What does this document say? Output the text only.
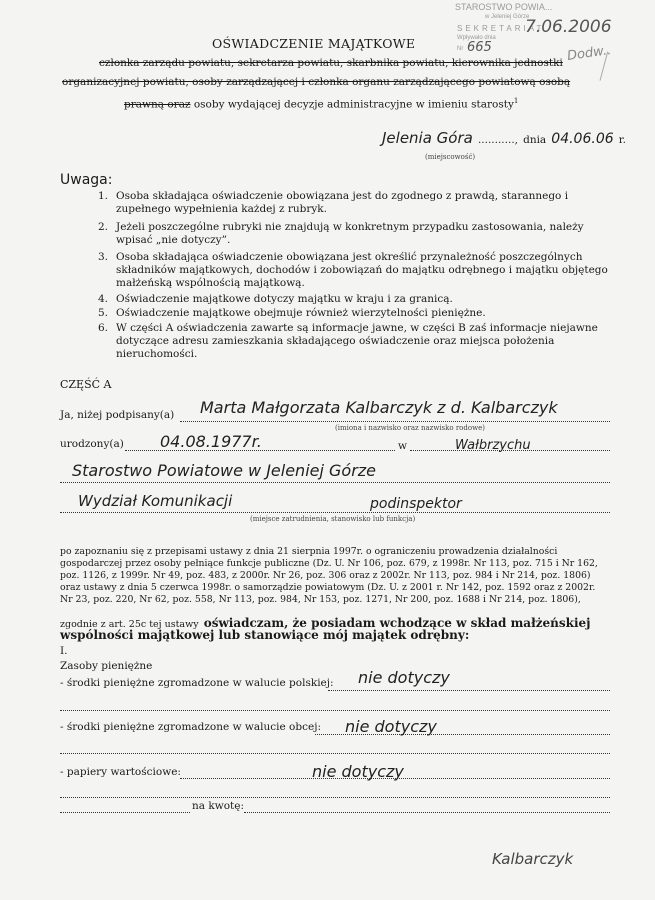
STAROSTWO POWIA...
w Jeleniej Górze
SEKRETARIAT
7.06.2006
Wpływało dnia
Nr 665	Dodw..
OŚWIADCZENIE MAJĄTKOWE
członka zarządu powiatu, sekretarza powiatu, skarbnika powiatu, kierownika jednostki
organizacyjnej powiatu, osoby zarządzającej i członka organu zarządzającego powiatową osobą
prawną oraz osoby wydającej decyzje administracyjne w imieniu starosty$^1$
Jelenia Góra ..........., dnia 04.06.06 r.
(miejscowość)
Uwaga:
1. Osoba składająca oświadczenie obowiązana jest do zgodnego z prawdą, starannego i zupełnego wypełnienia każdej z rubryk.
2. Jeżeli poszczególne rubryki nie znajdują w konkretnym przypadku zastosowania, należy wpisać „nie dotyczy”.
3. Osoba składająca oświadczenie obowiązana jest określić przynależność poszczególnych składników majątkowych, dochodów i zobowiązań do majątku odrębnego i majątku objętego małżeńską wspólnością majątkową.
4. Oświadczenie majątkowe dotyczy majątku w kraju i za granicą.
5. Oświadczenie majątkowe obejmuje również wierzytelności pieniężne.
6. W części A oświadczenia zawarte są informacje jawne, w części B zaś informacje niejawne dotyczące adresu zamieszkania składającego oświadczenie oraz miejsca położenia nieruchomości.
CZĘŚĆ A
Ja, niżej podpisany(a) Marta Małgorzata Kalbarczyk z d. Kalbarczyk
(imiona i nazwisko oraz nazwisko rodowe)
urodzony(a) 04.08.1977r.	w	Wałbrzychu
Starostwo Powiatowe w Jeleniej Górze
Wydział Komunikacji	podinspektor
(miejsce zatrudnienia, stanowisko lub funkcja)
po zapoznaniu się z przepisami ustawy z dnia 21 sierpnia 1997r. o ograniczeniu prowadzenia działalności
gospodarczej przez osoby pełniące funkcje publiczne (Dz. U. Nr 106, poz. 679, z 1998r. Nr 113, poz. 715 i Nr 162,
poz. 1126, z 1999r. Nr 49, poz. 483, z 2000r. Nr 26, poz. 306 oraz z 2002r. Nr 113, poz. 984 i Nr 214, poz. 1806)
oraz ustawy z dnia 5 czerwca 1998r. o samorządzie powiatowym (Dz. U. z 2001 r. Nr 142, poz. 1592 oraz z 2002r.
Nr 23, poz. 220, Nr 62, poz. 558, Nr 113, poz. 984, Nr 153, poz. 1271, Nr 200, poz. 1688 i Nr 214, poz. 1806),
zgodnie z art. 25c tej ustawy oświadczam, że posiadam wchodzące w skład małżeńskiej
wspólności majątkowej lub stanowiące mój majątek odrębny:
I.
Zasoby pieniężne
- środki pieniężne zgromadzone w walucie polskiej: nie dotyczy
- środki pieniężne zgromadzone w walucie obcej: nie dotyczy
- papiery wartościowe:	nie dotyczy
na kwotę:
Kalbarczyk
